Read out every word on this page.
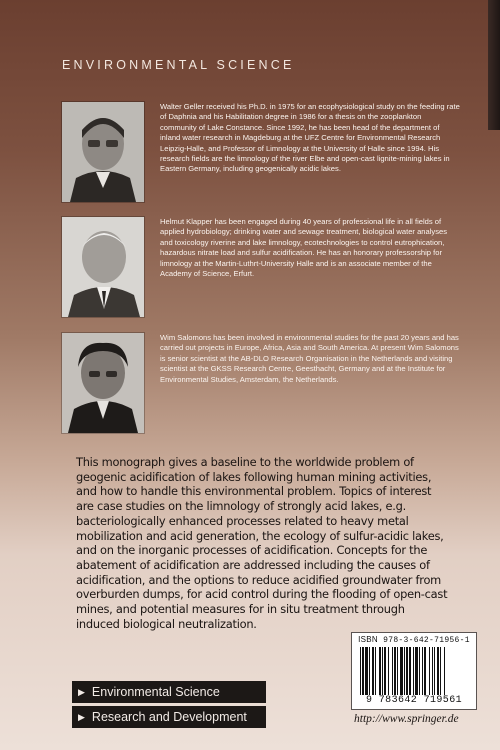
ENVIRONMENTAL SCIENCE
Walter Geller received his Ph.D. in 1975 for an ecophysiological study on the feeding rate of Daphnia and his Habilitation degree in 1986 for a thesis on the zooplankton community of Lake Constance. Since 1992, he has been head of the department of inland water research in Magdeburg at the UFZ Centre for Environmental Research Leipzig-Halle, and Professor of Limnology at the University of Halle since 1994. His research fields are the limnology of the river Elbe and open-cast lignite-mining lakes in Eastern Germany, including geogenically acidic lakes.
Helmut Klapper has been engaged during 40 years of professional life in all fields of applied hydrobiology; drinking water and sewage treatment, biological water analyses and toxicology riverine and lake limnology, ecotechnologies to control eutrophication, hazardous nitrate load and sulfur acidification. He has an honorary professorship for limnology at the Martin-Luthrt-University Halle and is an associate member of the Academy of Science, Erfurt.
Wim Salomons has been involved in environmental studies for the past 20 years and has carried out projects in Europe, Africa, Asia and South America. At present Wim Salomons is senior scientist at the AB-DLO Research Organisation in the Netherlands and visiting scientist at the GKSS Research Centre, Geesthacht, Germany and at the Institute for Environmental Studies, Amsterdam, the Netherlands.
This monograph gives a baseline to the worldwide problem of geogenic acidification of lakes following human mining activities, and how to handle this environmental problem. Topics of interest are case studies on the limnology of strongly acid lakes, e.g. bacteriologically enhanced processes related to heavy metal mobilization and acid generation, the ecology of sulfur-acidic lakes, and on the inorganic processes of acidification. Concepts for the abatement of acidification are addressed including the causes of acidification, and the options to reduce acidified groundwater from overburden dumps, for acid control during the flooding of open-cast mines, and potential measures for in situ treatment through induced biological neutralization.
▶ Environmental Science
▶ Research and Development
ISBN 978-3-642-71956-1
9 783642 719561
http://www.springer.de
